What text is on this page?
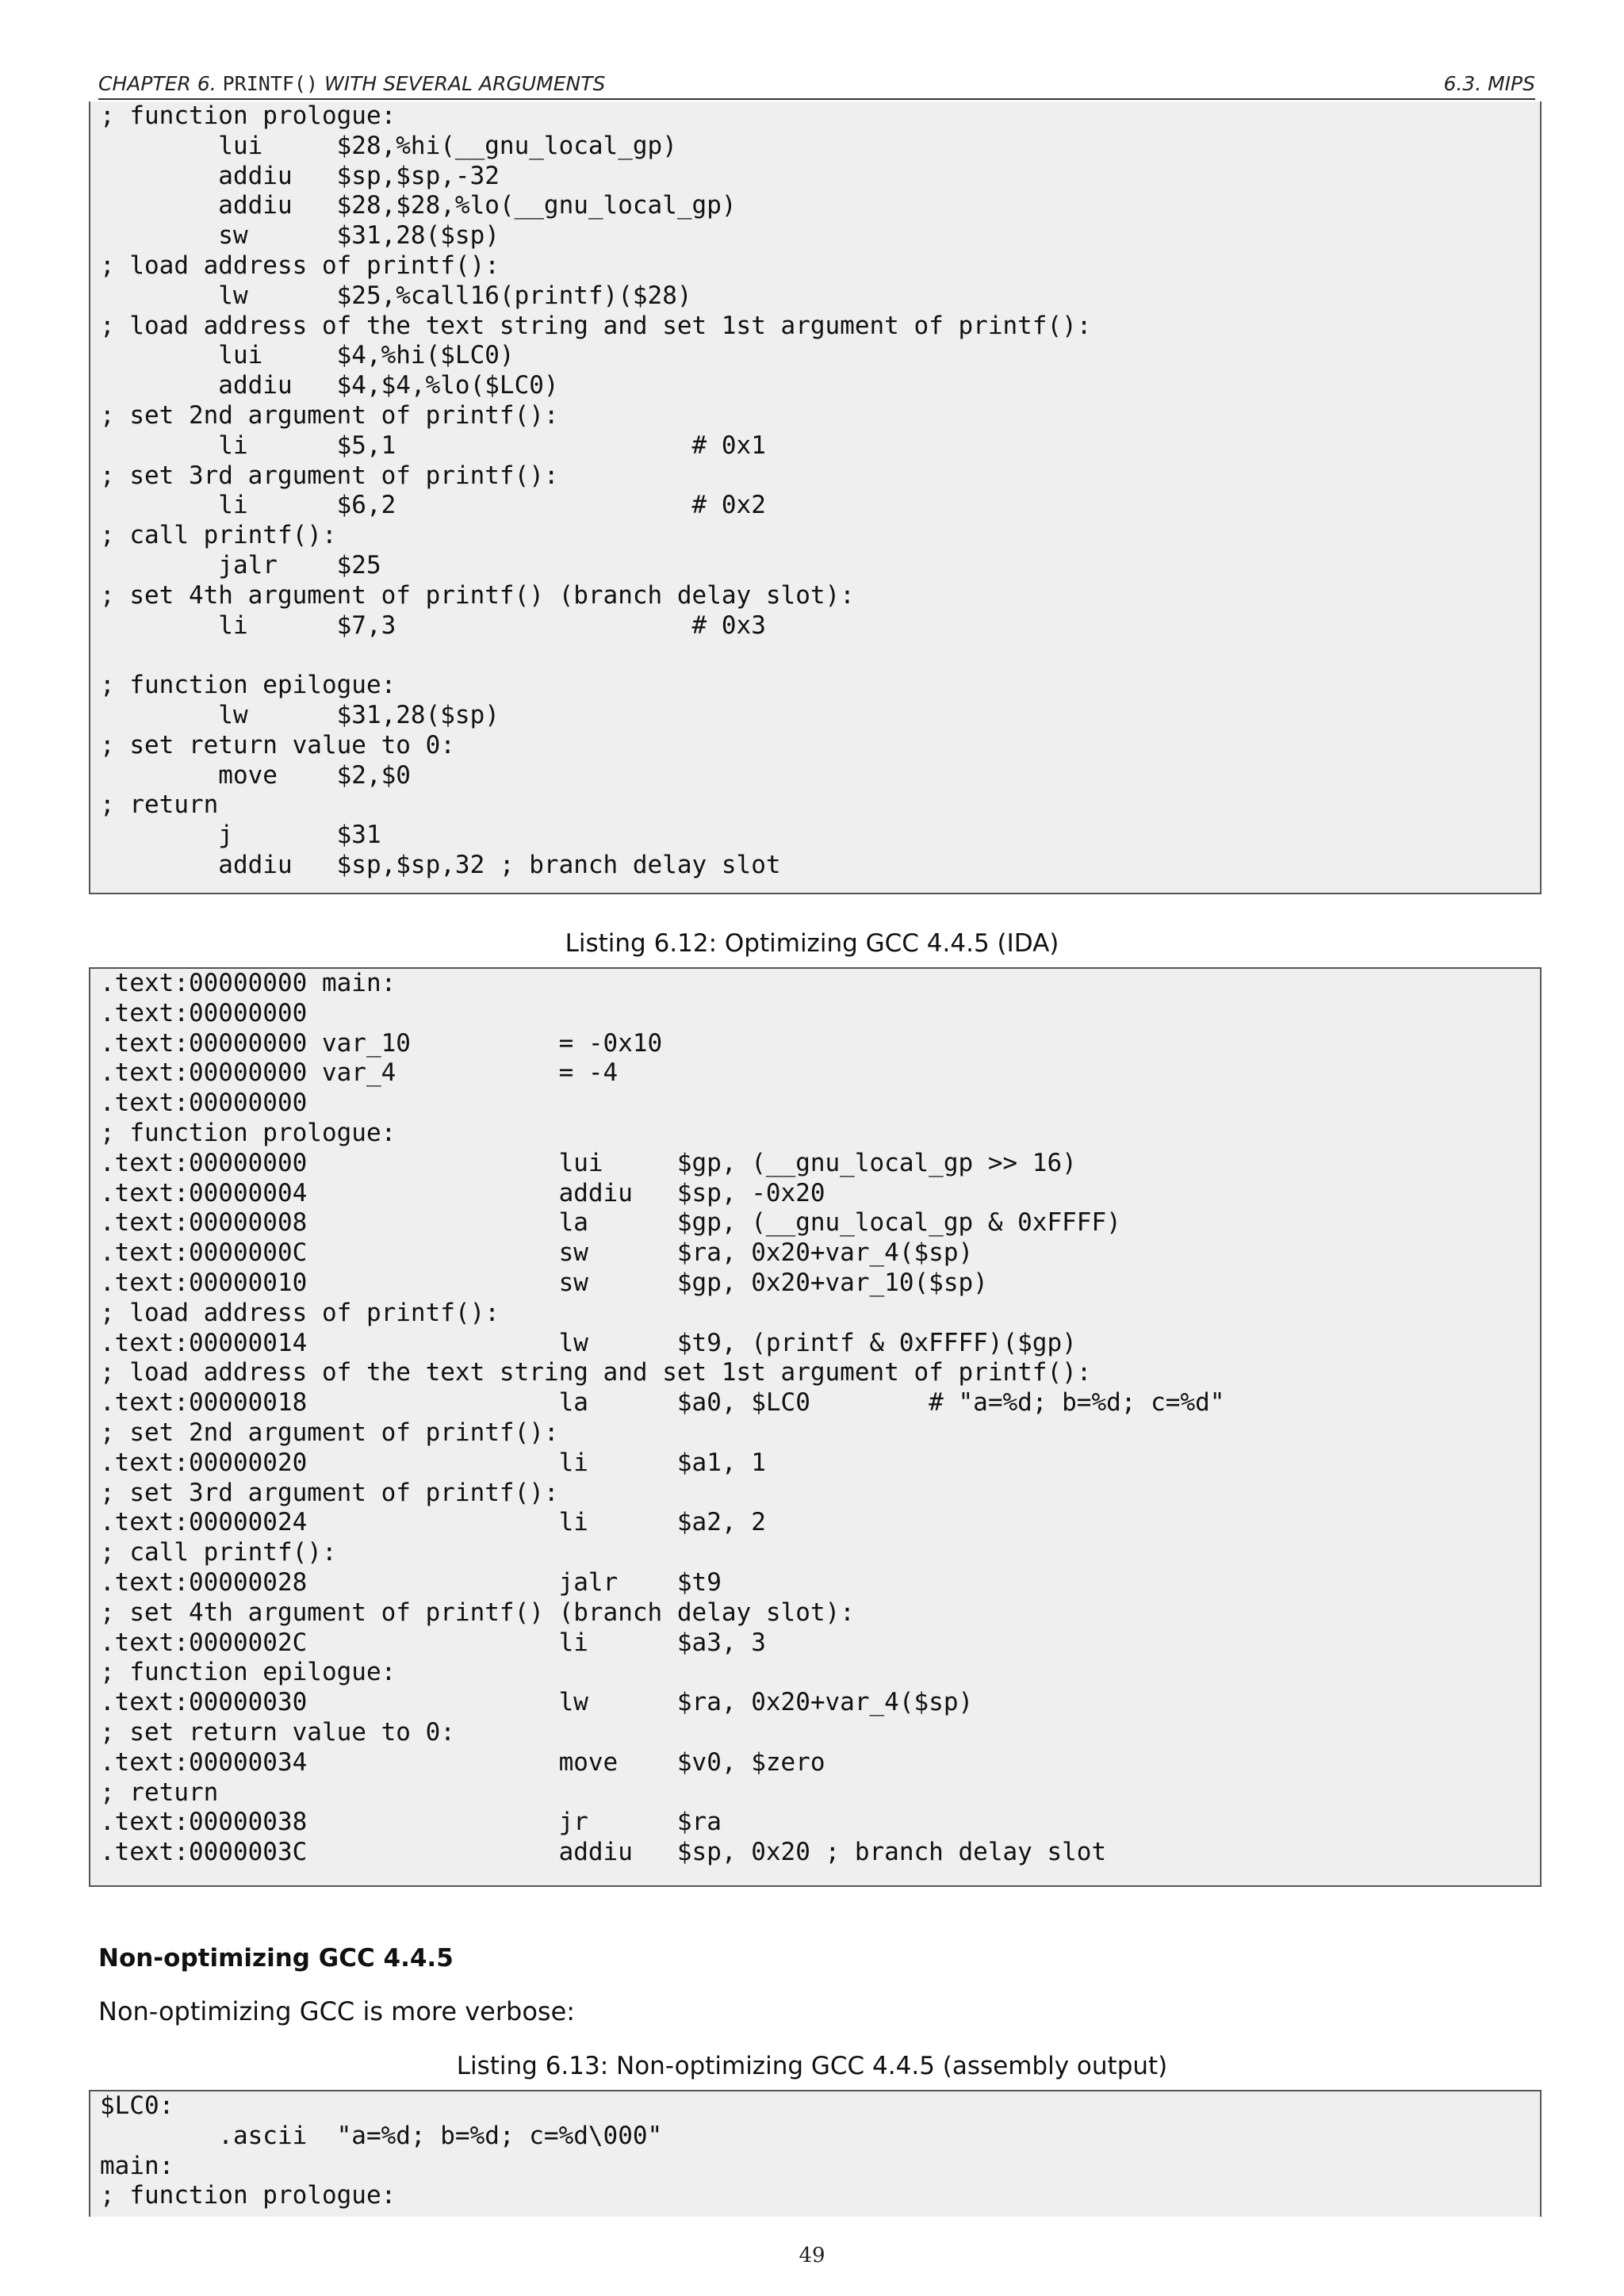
CHAPTER 6. PRINTF() WITH SEVERAL ARGUMENTS	6.3. MIPS
; function prologue:
lui     $28,%hi(__gnu_local_gp)
addiu   $sp,$sp,-32
addiu   $28,$28,%lo(__gnu_local_gp)
sw      $31,28($sp)
; load address of printf():
lw      $25,%call16(printf)($28)
; load address of the text string and set 1st argument of printf():
lui     $4,%hi($LC0)
addiu   $4,$4,%lo($LC0)
; set 2nd argument of printf():
li      $5,1                    # 0x1
; set 3rd argument of printf():
li      $6,2                    # 0x2
; call printf():
jalr    $25
; set 4th argument of printf() (branch delay slot):
li      $7,3                    # 0x3

; function epilogue:
lw      $31,28($sp)
; set return value to 0:
move    $2,$0
; return
j       $31
addiu   $sp,$sp,32 ; branch delay slot
Listing 6.12: Optimizing GCC 4.4.5 (IDA)
.text:00000000 main:
.text:00000000
.text:00000000 var_10          = -0x10
.text:00000000 var_4           = -4
.text:00000000
; function prologue:
.text:00000000                 lui     $gp, (__gnu_local_gp >> 16)
.text:00000004                 addiu   $sp, -0x20
.text:00000008                 la      $gp, (__gnu_local_gp & 0xFFFF)
.text:0000000C                 sw      $ra, 0x20+var_4($sp)
.text:00000010                 sw      $gp, 0x20+var_10($sp)
; load address of printf():
.text:00000014                 lw      $t9, (printf & 0xFFFF)($gp)
; load address of the text string and set 1st argument of printf():
.text:00000018                 la      $a0, $LC0        # "a=%d; b=%d; c=%d"
; set 2nd argument of printf():
.text:00000020                 li      $a1, 1
; set 3rd argument of printf():
.text:00000024                 li      $a2, 2
; call printf():
.text:00000028                 jalr    $t9
; set 4th argument of printf() (branch delay slot):
.text:0000002C                 li      $a3, 3
; function epilogue:
.text:00000030                 lw      $ra, 0x20+var_4($sp)
; set return value to 0:
.text:00000034                 move    $v0, $zero
; return
.text:00000038                 jr      $ra
.text:0000003C                 addiu   $sp, 0x20 ; branch delay slot
Non-optimizing GCC 4.4.5
Non-optimizing GCC is more verbose:
Listing 6.13: Non-optimizing GCC 4.4.5 (assembly output)
$LC0:
.ascii  "a=%d; b=%d; c=%d\000"
main:
; function prologue:
49
